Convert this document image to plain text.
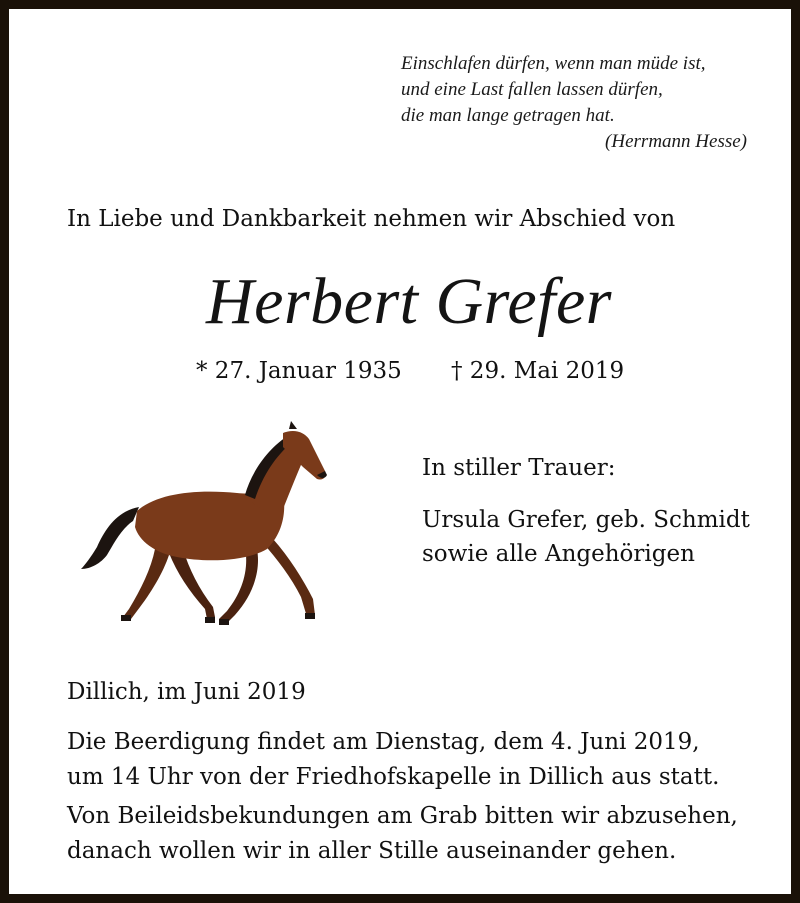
Einschlafen dürfen, wenn man müde ist,
und eine Last fallen lassen dürfen,
die man lange getragen hat.
(Herrmann Hesse)
In Liebe und Dankbarkeit nehmen wir Abschied von
Herbert Grefer
* 27. Januar 1935 † 29. Mai 2019
In stiller Trauer:
Ursula Grefer, geb. Schmidt
sowie alle Angehörigen
Dillich, im Juni 2019
Die Beerdigung findet am Dienstag, dem 4. Juni 2019,
um 14 Uhr von der Friedhofskapelle in Dillich aus statt.
Von Beileidsbekundungen am Grab bitten wir abzusehen,
danach wollen wir in aller Stille auseinander gehen.
